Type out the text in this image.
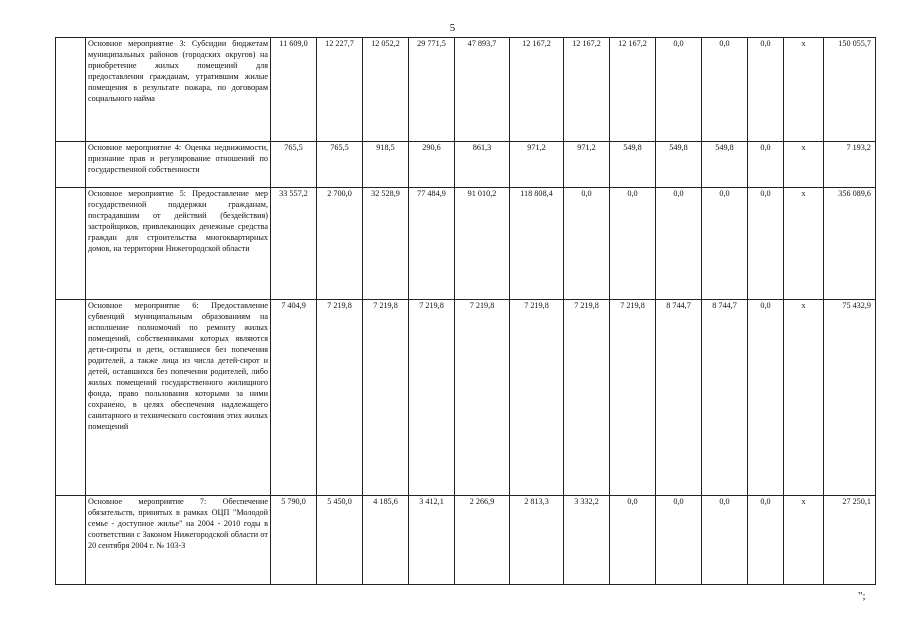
5
	Основное мероприятие 3: Субсидии бюджетам муниципальных районов (городских округов) на приобретение жилых помещений для предоставления гражданам, утратившим жилые помещения в результате пожара, по договорам социального найма	11 609,0	12 227,7	12 052,2	29 771,5	47 893,7	12 167,2	12 167,2	12 167,2	0,0	0,0	0,0	х	150 055,7
	Основное мероприятие 4: Оценка недвижимости, признание прав и регулирование отношений по государственной собственности	765,5	765,5	918,5	290,6	861,3	971,2	971,2	549,8	549,8	549,8	0,0	х	7 193,2
	Основное мероприятие 5: Предоставление мер государственной поддержки гражданам, пострадавшим от действий (бездействия) застройщиков, привлекающих денежные средства граждан для строительства многоквартирных домов, на территории Нижегородской области	33 557,2	2 700,0	32 528,9	77 484,9	91 010,2	118 808,4	0,0	0,0	0,0	0,0	0,0	х	356 089,6
	Основное мероприятие 6: Предоставление субвенций муниципальным образованиям на исполнение полномочий по ремонту жилых помещений, собственниками которых являются дети-сироты и дети, оставшиеся без попечения родителей, а также лица из числа детей-сирот и детей, оставшихся без попечения родителей, либо жилых помещений государственного жилищного фонда, право пользования которыми за ними сохранено, в целях обеспечения надлежащего санитарного и технического состояния этих жилых помещений	7 404,9	7 219,8	7 219,8	7 219,8	7 219,8	7 219,8	7 219,8	7 219,8	8 744,7	8 744,7	0,0	х	75 432,9
	Основное мероприятие 7: Обеспечение обязательств, принятых в рамках ОЦП "Молодой семье - доступное жилье" на 2004 - 2010 годы в соответствии с Законом Нижегородской области от 20 сентября 2004 г. № 103-З	5 790,0	5 450,0	4 185,6	3 412,1	2 266,9	2 813,3	3 332,2	0,0	0,0	0,0	0,0	х	27 250,1
";
